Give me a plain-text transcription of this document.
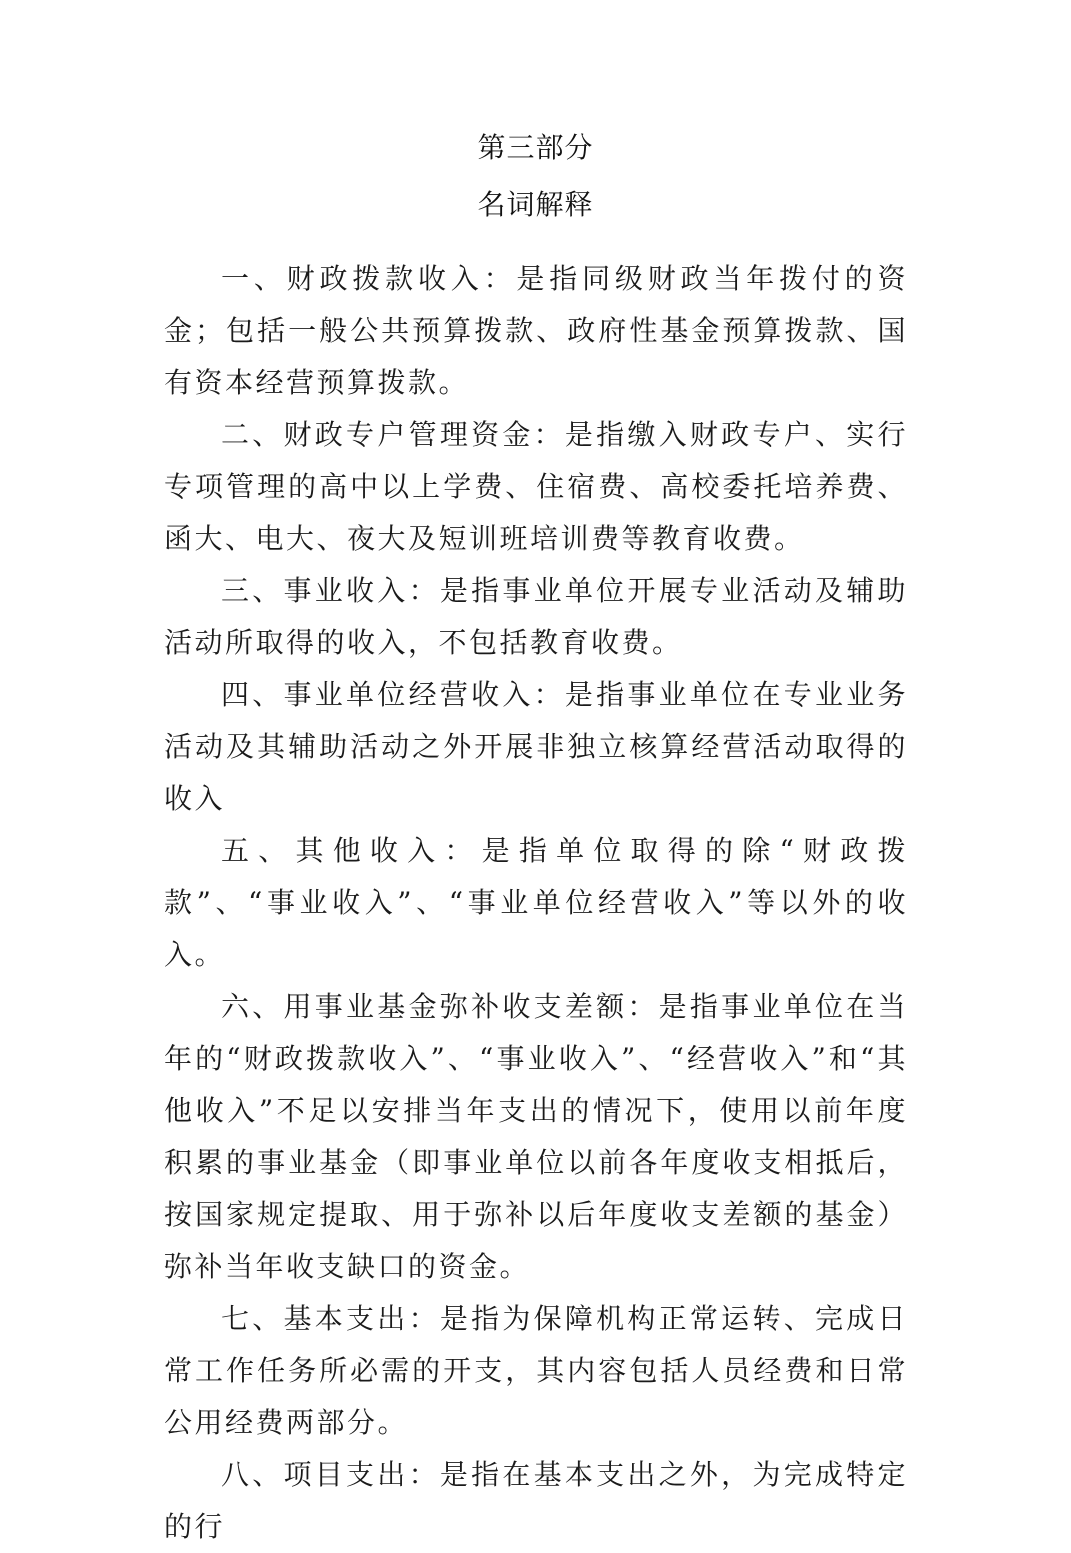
第三部分
名词解释

一、财政拨款收入：是指同级财政当年拨付的资金；包括一般公共预算拨款、政府性基金预算拨款、国有资本经营预算拨款。

二、财政专户管理资金：是指缴入财政专户、实行专项管理的高中以上学费、住宿费、高校委托培养费、函大、电大、夜大及短训班培训费等教育收费。

三、事业收入：是指事业单位开展专业活动及辅助活动所取得的收入，不包括教育收费。

四、事业单位经营收入：是指事业单位在专业业务活动及其辅助活动之外开展非独立核算经营活动取得的收入

五、其他收入：是指单位取得的除“财政拨款”、“事业收入”、“事业单位经营收入”等以外的收入。

六、用事业基金弥补收支差额：是指事业单位在当年的“财政拨款收入”、“事业收入”、“经营收入”和“其他收入”不足以安排当年支出的情况下，使用以前年度积累的事业基金（即事业单位以前各年度收支相抵后，按国家规定提取、用于弥补以后年度收支差额的基金）弥补当年收支缺口的资金。

七、基本支出：是指为保障机构正常运转、完成日常工作任务所必需的开支，其内容包括人员经费和日常公用经费两部分。

八、项目支出：是指在基本支出之外，为完成特定的行
